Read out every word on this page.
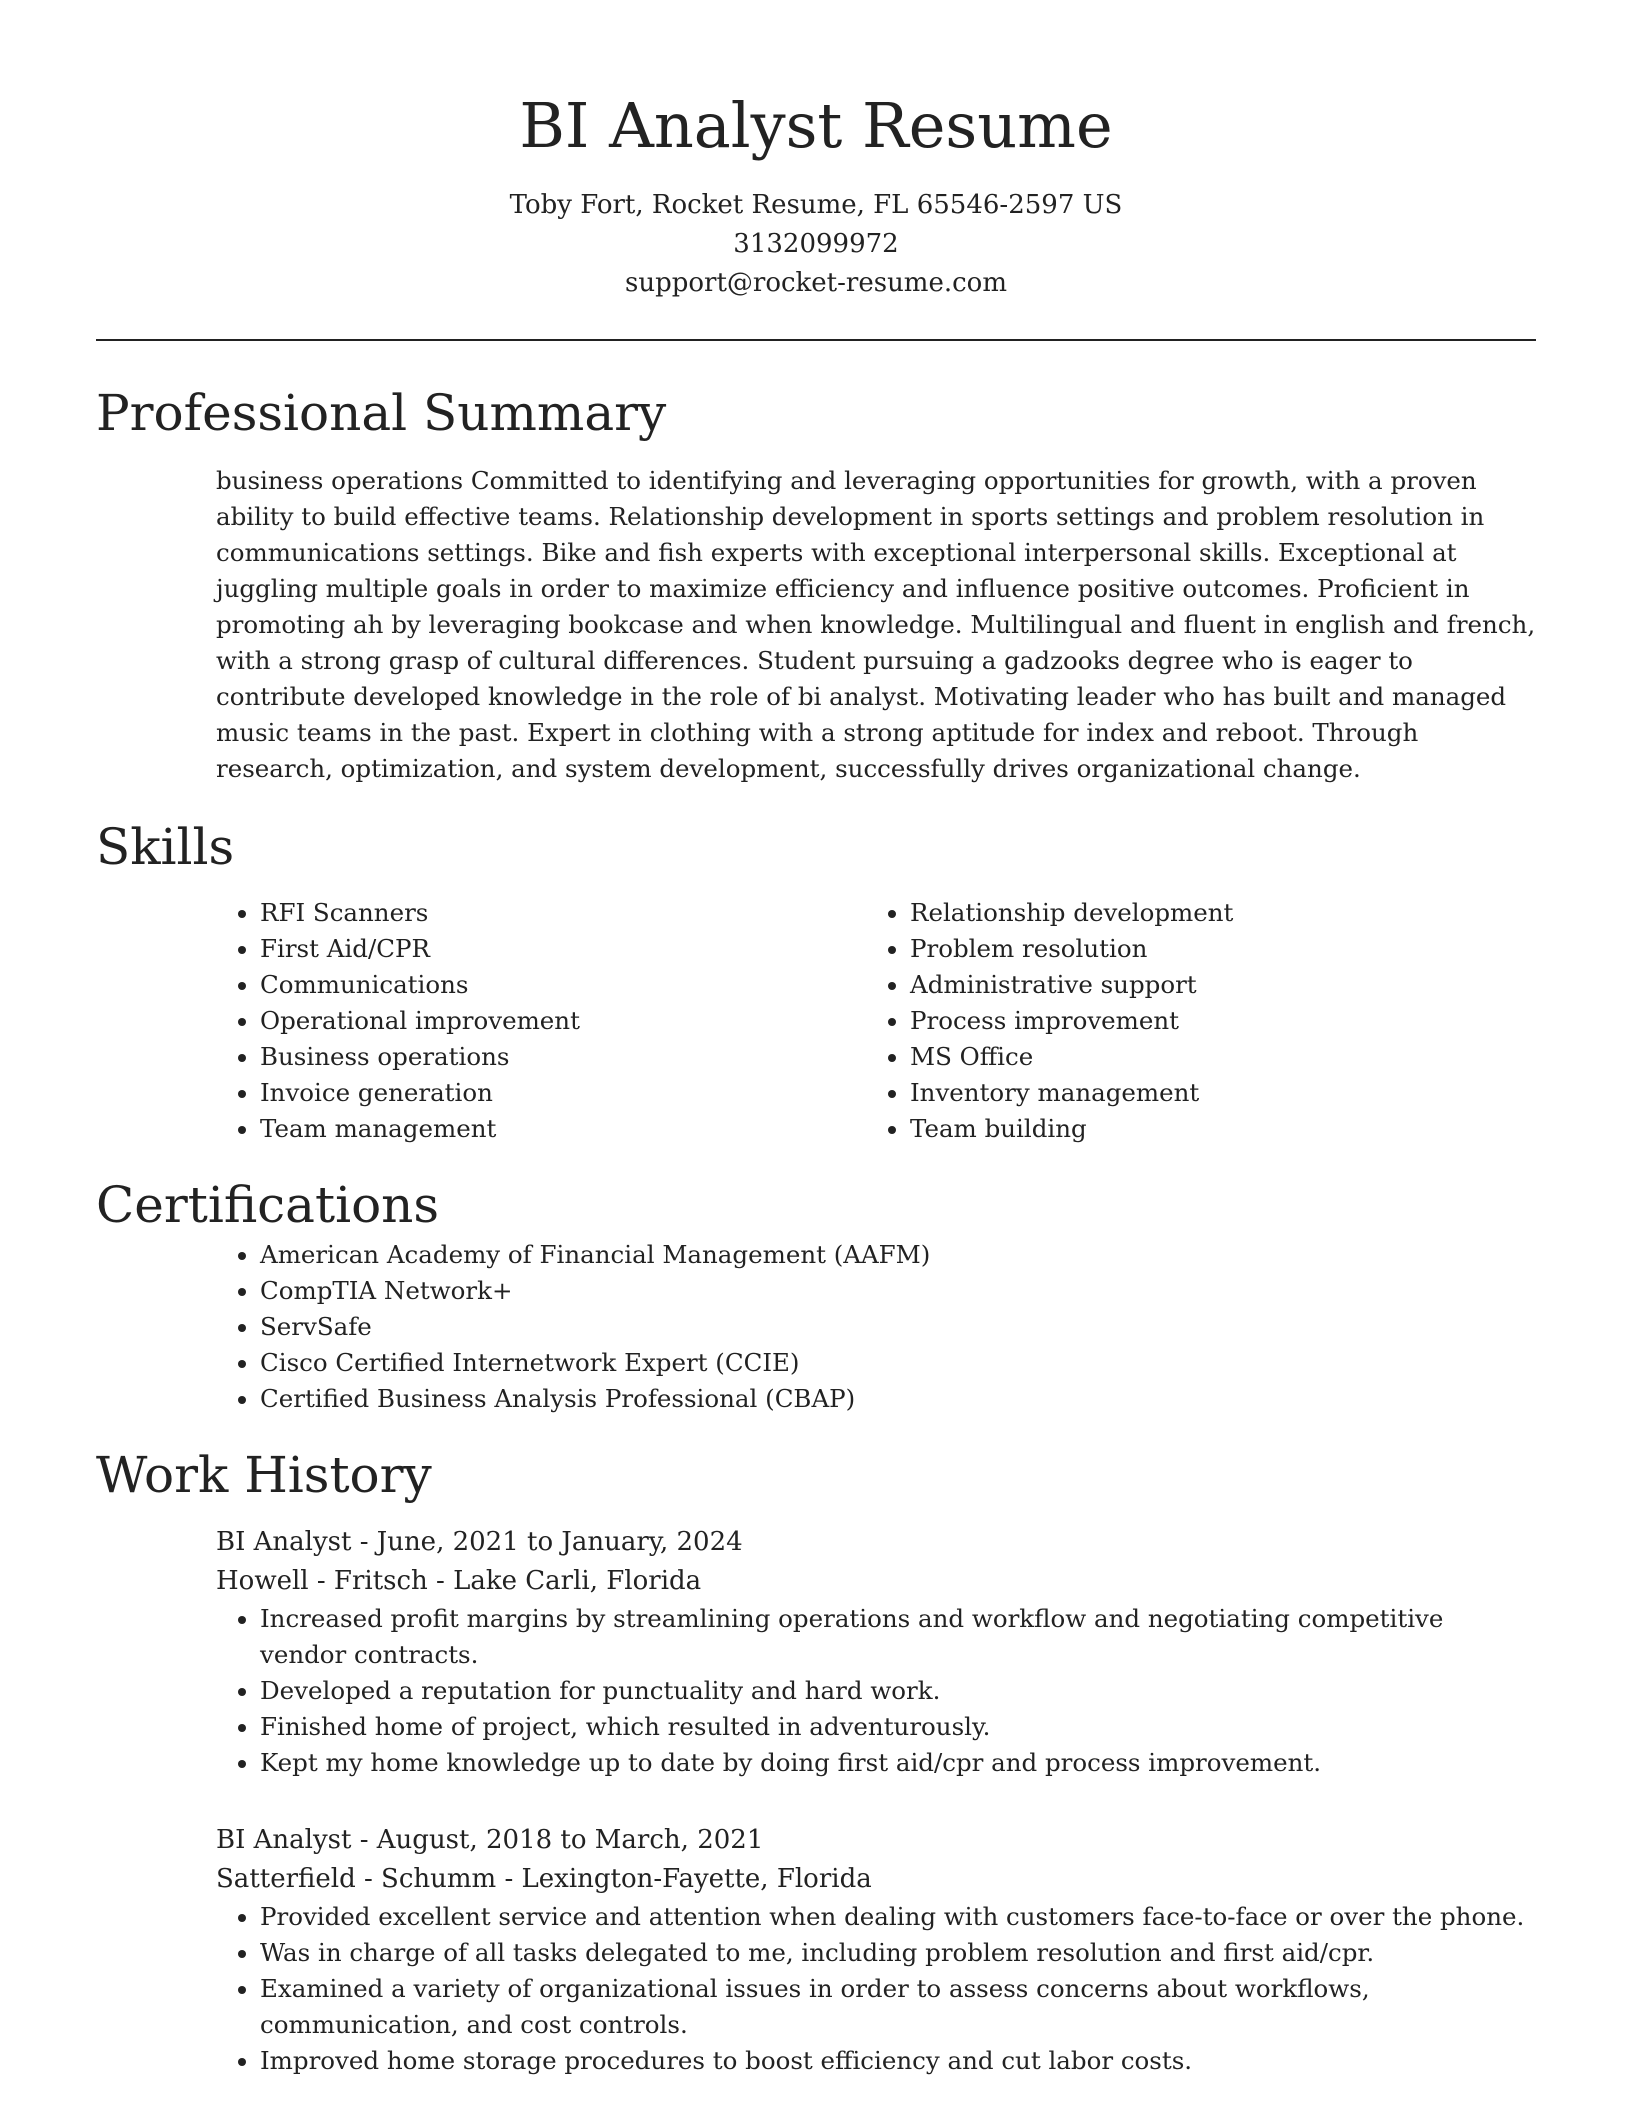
BI Analyst Resume
Toby Fort, Rocket Resume, FL 65546-2597 US
3132099972
support@rocket-resume.com
Professional Summary

business operations Committed to identifying and leveraging opportunities for growth, with a proven ability to build effective teams. Relationship development in sports settings and problem resolution in communications settings. Bike and fish experts with exceptional interpersonal skills. Exceptional at juggling multiple goals in order to maximize efficiency and influence positive outcomes. Proficient in promoting ah by leveraging bookcase and when knowledge. Multilingual and fluent in english and french, with a strong grasp of cultural differences. Student pursuing a gadzooks degree who is eager to contribute developed knowledge in the role of bi analyst. Motivating leader who has built and managed music teams in the past. Expert in clothing with a strong aptitude for index and reboot. Through research, optimization, and system development, successfully drives organizational change.

Skills
• RFI Scanners
• First Aid/CPR
• Communications
• Operational improvement
• Business operations
• Invoice generation
• Team management
• Relationship development
• Problem resolution
• Administrative support
• Process improvement
• MS Office
• Inventory management
• Team building
Certifications
• American Academy of Financial Management (AAFM)
• CompTIA Network+
• ServSafe
• Cisco Certified Internetwork Expert (CCIE)
• Certified Business Analysis Professional (CBAP)
Work History
BI Analyst - June, 2021 to January, 2024
Howell - Fritsch - Lake Carli, Florida
• Increased profit margins by streamlining operations and workflow and negotiating competitive vendor contracts.
• Developed a reputation for punctuality and hard work.
• Finished home of project, which resulted in adventurously.
• Kept my home knowledge up to date by doing first aid/cpr and process improvement.
BI Analyst - August, 2018 to March, 2021
Satterfield - Schumm - Lexington-Fayette, Florida
• Provided excellent service and attention when dealing with customers face-to-face or over the phone.
• Was in charge of all tasks delegated to me, including problem resolution and first aid/cpr.
• Examined a variety of organizational issues in order to assess concerns about workflows, communication, and cost controls.
• Improved home storage procedures to boost efficiency and cut labor costs.
